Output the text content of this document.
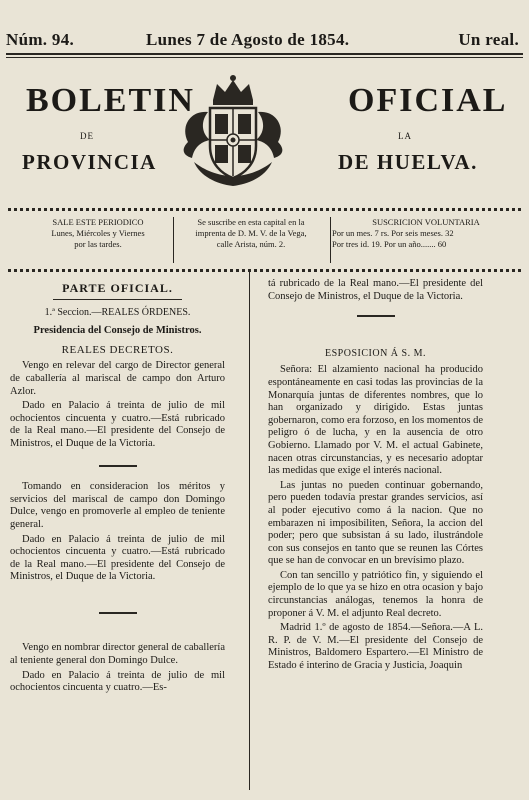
Núm. 94.	Lunes 7 de Agosto de 1854.	Un real.
BOLETIN	OFICIAL
DE	LA
PROVINCIA	DE HUELVA.
SALE ESTE PERIODICO
Lunes, Miércoles y Viernes
por las tardes.
Se suscribe en esta capital en la
imprenta de D. M. V. de la Vega,
calle Arista, núm. 2.
SUSCRICION VOLUNTARIA
Por un mes. 7 rs. Por seis meses. 32
Por tres id. 19. Por un año....... 60

PARTE OFICIAL.

1.ª Seccion.—REALES ÓRDENES.

Presidencia del Consejo de Ministros.

REALES DECRETOS.

Vengo en relevar del cargo de Director general de caballería al mariscal de campo don Arturo Azlor.

Dado en Palacio á treinta de julio de mil ochocientos cincuenta y cuatro.—Está rubricado de la Real mano.—El presidente del Consejo de Ministros, el Duque de la Victoria.

Tomando en consideracion los méritos y servicios del mariscal de campo don Domingo Dulce, vengo en promoverle al empleo de teniente general.

Dado en Palacio á treinta de julio de mil ochocientos cincuenta y cuatro.—Está rubricado de la Real mano.—El presidente del Consejo de Ministros, el Duque de la Victoria.

Vengo en nombrar director general de caballería al teniente general don Domingo Dulce.

Dado en Palacio á treinta de julio de mil ochocientos cincuenta y cuatro.—Es-

tá rubricado de la Real mano.—El presidente del Consejo de Ministros, el Duque de la Victoria.

ESPOSICION Á S. M.

Señora: El alzamiento nacional ha producido espontáneamente en casi todas las provincias de la Monarquía juntas de diferentes nombres, que lo han organizado y dirigido. Estas juntas gobernaron, como era forzoso, en los momentos de peligro ó de lucha, y en la ausencia de otro Gobierno. Llamado por V. M. el actual Gabinete, nacen otras circunstancias, y es necesario adoptar las medidas que exige el interés nacional.

Las juntas no pueden continuar gobernando, pero pueden todavía prestar grandes servicios, así al poder ejecutivo como á la nacion. Que no embarazen ni imposibiliten, Señora, la accion del poder; pero que subsistan á su lado, ilustrándole con sus consejos en tanto que se reunen las Córtes que se han de convocar en un brevísimo plazo.

Con tan sencillo y patriótico fin, y siguiendo el ejemplo de lo que ya se hizo en otra ocasion y bajo circunstancias análogas, tenemos la honra de proponer á V. M. el adjunto Real decreto.

Madrid 1.º de agosto de 1854.—Señora.—A L. R. P. de V. M.—El presidente del Consejo de Ministros, Baldomero Espartero.—El Ministro de Estado é interino de Gracia y Justicia, Joaquin
